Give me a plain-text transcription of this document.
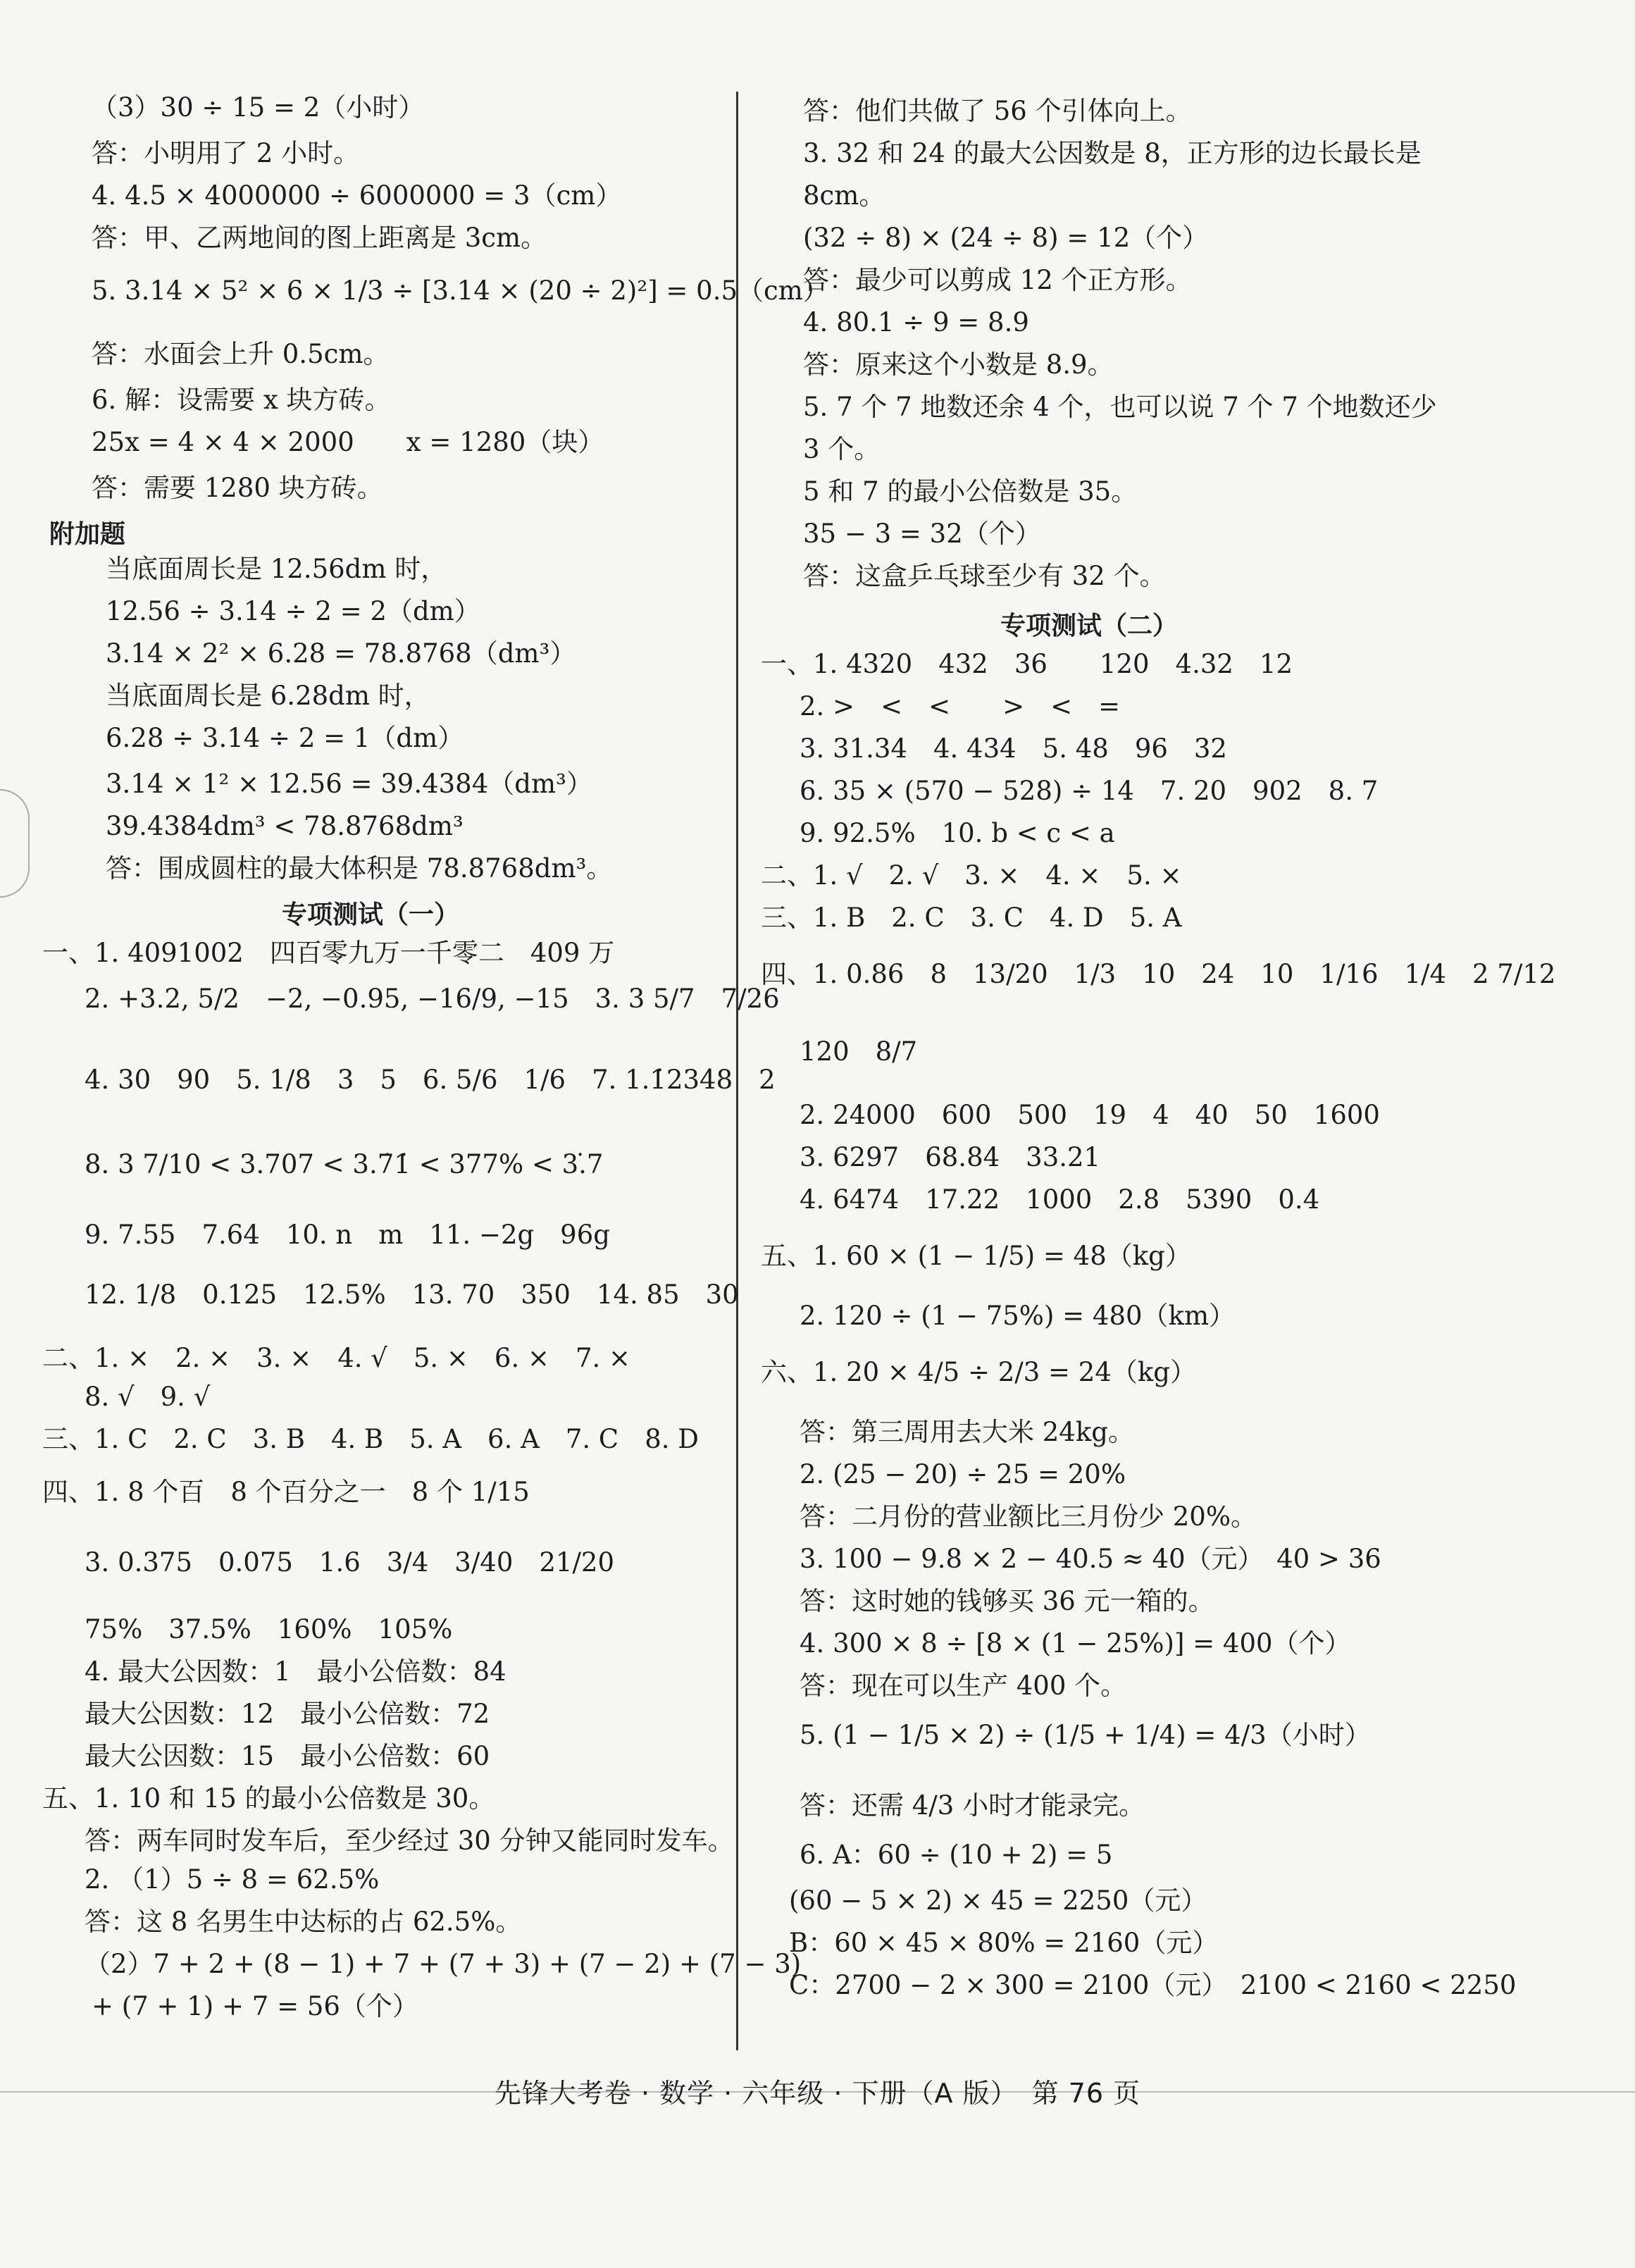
（3）30 ÷ 15 = 2（小时）
答：小明用了 2 小时。
4. 4.5 × 4000000 ÷ 6000000 = 3（cm）
答：甲、乙两地间的图上距离是 3cm。
5. 3.14 × 5² × 6 × 1/3 ÷ [3.14 × (20 ÷ 2)²] = 0.5（cm）
答：水面会上升 0.5cm。
6. 解：设需要 x 块方砖。
25x = 4 × 4 × 2000　　x = 1280（块）
答：需要 1280 块方砖。
附加题
当底面周长是 12.56dm 时，
12.56 ÷ 3.14 ÷ 2 = 2（dm）
3.14 × 2² × 6.28 = 78.8768（dm³）
当底面周长是 6.28dm 时，
6.28 ÷ 3.14 ÷ 2 = 1（dm）
3.14 × 1² × 12.56 = 39.4384（dm³）
39.4384dm³ < 78.8768dm³
答：围成圆柱的最大体积是 78.8768dm³。
专项测试（一）
一、1. 4091002　四百零九万一千零二　409 万
2. +3.2, 5/2　−2, −0.95, −16/9, −15　3. 3 5/7　7/26
4. 30　90　5. 1/8　3　5　6. 5/6　1/6　7. 1.1̇234̇8　2
8. 3 7/10 < 3.707 < 3.7̇1̇ < 377% < 3.̇7
9. 7.55　7.64　10. n　m　11. −2g　96g
12. 1/8　0.125　12.5%　13. 70　350　14. 85　30
二、1. ×　2. ×　3. ×　4. √　5. ×　6. ×　7. ×
8. √　9. √
三、1. C　2. C　3. B　4. B　5. A　6. A　7. C　8. D
四、1. 8 个百　8 个百分之一　8 个 1/15
3. 0.375　0.075　1.6　3/4　3/40　21/20
75%　37.5%　160%　105%
4. 最大公因数：1　最小公倍数：84
最大公因数：12　最小公倍数：72
最大公因数：15　最小公倍数：60
五、1. 10 和 15 的最小公倍数是 30。
答：两车同时发车后，至少经过 30 分钟又能同时发车。
2. （1）5 ÷ 8 = 62.5%
答：这 8 名男生中达标的占 62.5%。
（2）7 + 2 + (8 − 1) + 7 + (7 + 3) + (7 − 2) + (7 − 3)
+ (7 + 1) + 7 = 56（个）
答：他们共做了 56 个引体向上。
3. 32 和 24 的最大公因数是 8，正方形的边长最长是
8cm。
(32 ÷ 8) × (24 ÷ 8) = 12（个）
答：最少可以剪成 12 个正方形。
4. 80.1 ÷ 9 = 8.9
答：原来这个小数是 8.9。
5. 7 个 7 地数还余 4 个，也可以说 7 个 7 个地数还少
3 个。
5 和 7 的最小公倍数是 35。
35 − 3 = 32（个）
答：这盒乒乓球至少有 32 个。
专项测试（二）
一、1. 4320　432　36　　120　4.32　12
2. >　<　<　　>　<　=
3. 31.34　4. 434　5. 48　96　32
6. 35 × (570 − 528) ÷ 14　7. 20　902　8. 7
9. 92.5%　10. b < c < a
二、1. √　2. √　3. ×　4. ×　5. ×
三、1. B　2. C　3. C　4. D　5. A
四、1. 0.86　8　13/20　1/3　10　24　10　1/16　1/4　2 7/12
120　8/7
2. 24000　600　500　19　4　40　50　1600
3. 6297　68.84　33.21
4. 6474　17.22　1000　2.8　5390　0.4
五、1. 60 × (1 − 1/5) = 48（kg）
2. 120 ÷ (1 − 75%) = 480（km）
六、1. 20 × 4/5 ÷ 2/3 = 24（kg）
答：第三周用去大米 24kg。
2. (25 − 20) ÷ 25 = 20%
答：二月份的营业额比三月份少 20%。
3. 100 − 9.8 × 2 − 40.5 ≈ 40（元）　40 > 36
答：这时她的钱够买 36 元一箱的。
4. 300 × 8 ÷ [8 × (1 − 25%)] = 400（个）
答：现在可以生产 400 个。
5. (1 − 1/5 × 2) ÷ (1/5 + 1/4) = 4/3（小时）
答：还需 4/3 小时才能录完。
6. A：60 ÷ (10 + 2) = 5
(60 − 5 × 2) × 45 = 2250（元）
B：60 × 45 × 80% = 2160（元）
C：2700 − 2 × 300 = 2100（元）　2100 < 2160 < 2250
先锋大考卷 · 数学 · 六年级 · 下册（A 版）　第 76 页
